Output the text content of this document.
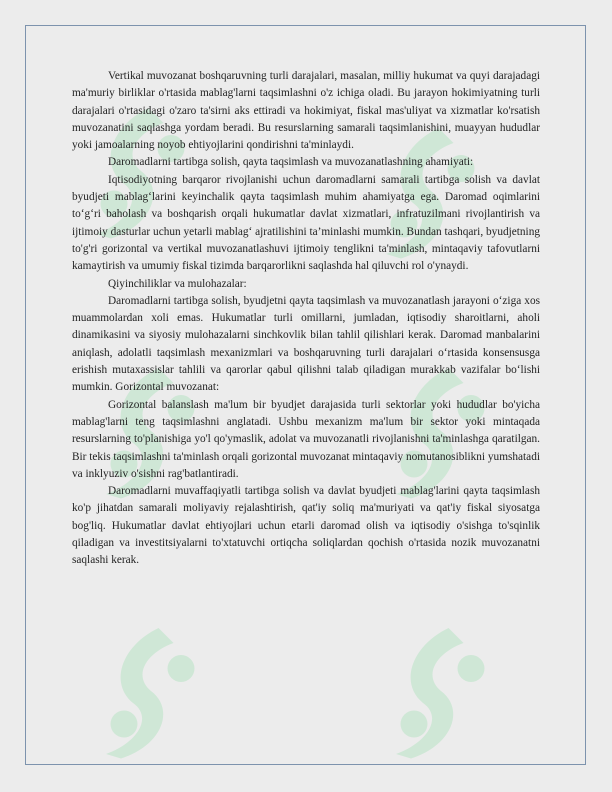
Vertikal muvozanat boshqaruvning turli darajalari, masalan, milliy hukumat va quyi darajadagi ma'muriy birliklar o'rtasida mablag'larni taqsimlashni o'z ichiga oladi. Bu jarayon hokimiyatning turli darajalari o'rtasidagi o'zaro ta'sirni aks ettiradi va hokimiyat, fiskal mas'uliyat va xizmatlar ko'rsatish muvozanatini saqlashga yordam beradi. Bu resurslarning samarali taqsimlanishini, muayyan hududlar yoki jamoalarning noyob ehtiyojlarini qondirishni ta'minlaydi.

Daromadlarni tartibga solish, qayta taqsimlash va muvozanatlashning ahamiyati:

Iqtisodiyotning barqaror rivojlanishi uchun daromadlarni samarali tartibga solish va davlat byudjeti mablag‘larini keyinchalik qayta taqsimlash muhim ahamiyatga ega. Daromad oqimlarini to‘g‘ri baholash va boshqarish orqali hukumatlar davlat xizmatlari, infratuzilmani rivojlantirish va ijtimoiy dasturlar uchun yetarli mablag‘ ajratilishini ta’minlashi mumkin. Bundan tashqari, byudjetning to'g'ri gorizontal va vertikal muvozanatlashuvi ijtimoiy tenglikni ta'minlash, mintaqaviy tafovutlarni kamaytirish va umumiy fiskal tizimda barqarorlikni saqlashda hal qiluvchi rol o'ynaydi.

Qiyinchiliklar va mulohazalar:

Daromadlarni tartibga solish, byudjetni qayta taqsimlash va muvozanatlash jarayoni o‘ziga xos muammolardan xoli emas. Hukumatlar turli omillarni, jumladan, iqtisodiy sharoitlarni, aholi dinamikasini va siyosiy mulohazalarni sinchkovlik bilan tahlil qilishlari kerak. Daromad manbalarini aniqlash, adolatli taqsimlash mexanizmlari va boshqaruvning turli darajalari o‘rtasida konsensusga erishish mutaxassislar tahlili va qarorlar qabul qilishni talab qiladigan murakkab vazifalar bo‘lishi mumkin. Gorizontal muvozanat:

Gorizontal balanslash ma'lum bir byudjet darajasida turli sektorlar yoki hududlar bo'yicha mablag'larni teng taqsimlashni anglatadi. Ushbu mexanizm ma'lum bir sektor yoki mintaqada resurslarning to'planishiga yo'l qo'ymaslik, adolat va muvozanatli rivojlanishni ta'minlashga qaratilgan. Bir tekis taqsimlashni ta'minlash orqali gorizontal muvozanat mintaqaviy nomutanosiblikni yumshatadi va inklyuziv o'sishni rag'batlantiradi.

Daromadlarni muvaffaqiyatli tartibga solish va davlat byudjeti mablag'larini qayta taqsimlash ko'p jihatdan samarali moliyaviy rejalashtirish, qat'iy soliq ma'muriyati va qat'iy fiskal siyosatga bog'liq. Hukumatlar davlat ehtiyojlari uchun etarli daromad olish va iqtisodiy o'sishga to'sqinlik qiladigan va investitsiyalarni to'xtatuvchi ortiqcha soliqlardan qochish o'rtasida nozik muvozanatni saqlashi kerak.
